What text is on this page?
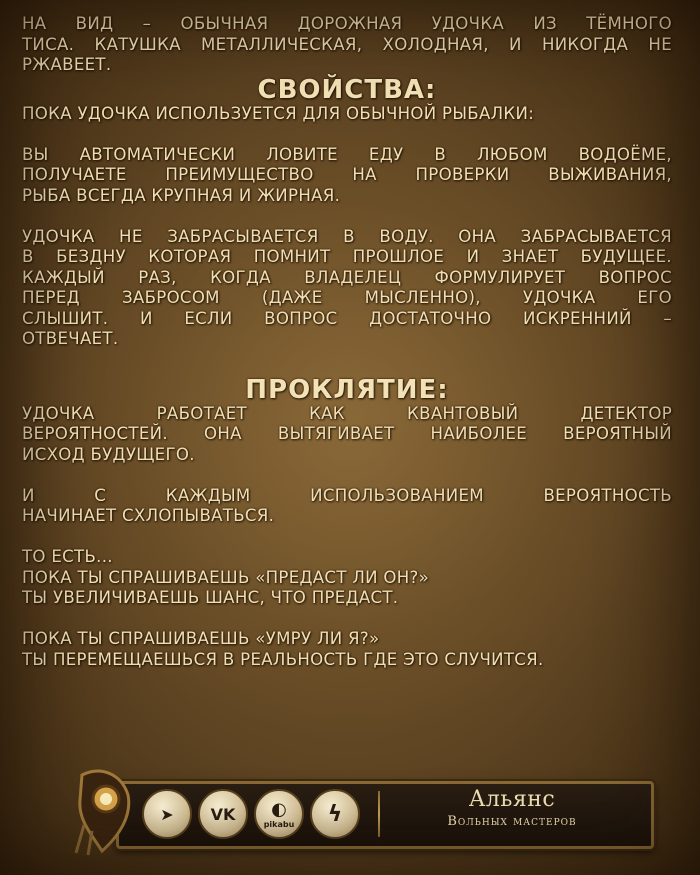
НА ВИД – ОБЫЧНАЯ ДОРОЖНАЯ УДОЧКА ИЗ ТЁМНОГО

ТИСА. КАТУШКА МЕТАЛЛИЧЕСКАЯ, ХОЛОДНАЯ, И НИКОГДА НЕ

РЖАВЕЕТ.

СВОЙСТВА:

ПОКА УДОЧКА ИСПОЛЬЗУЕТСЯ ДЛЯ ОБЫЧНОЙ РЫБАЛКИ:

ВЫ АВТОМАТИЧЕСКИ ЛОВИТЕ ЕДУ В ЛЮБОМ ВОДОЁМЕ,

ПОЛУЧАЕТЕ ПРЕИМУЩЕСТВО НА ПРОВЕРКИ ВЫЖИВАНИЯ,

РЫБА ВСЕГДА КРУПНАЯ И ЖИРНАЯ.

УДОЧКА НЕ ЗАБРАСЫВАЕТСЯ В ВОДУ. ОНА ЗАБРАСЫВАЕТСЯ

В БЕЗДНУ КОТОРАЯ ПОМНИТ ПРОШЛОЕ И ЗНАЕТ БУДУЩЕЕ.

КАЖДЫЙ РАЗ, КОГДА ВЛАДЕЛЕЦ ФОРМУЛИРУЕТ ВОПРОС

ПЕРЕД ЗАБРОСОМ (ДАЖЕ МЫСЛЕННО), УДОЧКА ЕГО

СЛЫШИТ. И ЕСЛИ ВОПРОС ДОСТАТОЧНО ИСКРЕННИЙ –

ОТВЕЧАЕТ.

ПРОКЛЯТИЕ:

УДОЧКА РАБОТАЕТ КАК КВАНТОВЫЙ ДЕТЕКТОР

ВЕРОЯТНОСТЕЙ. ОНА ВЫТЯГИВАЕТ НАИБОЛЕЕ ВЕРОЯТНЫЙ

ИСХОД БУДУЩЕГО.

И С КАЖДЫМ ИСПОЛЬЗОВАНИЕМ ВЕРОЯТНОСТЬ

НАЧИНАЕТ СХЛОПЫВАТЬСЯ.

ТО ЕСТЬ...

ПОКА ТЫ СПРАШИВАЕШЬ «ПРЕДАСТ ЛИ ОН?»

ТЫ УВЕЛИЧИВАЕШЬ ШАНС, ЧТО ПРЕДАСТ.

ПОКА ТЫ СПРАШИВАЕШЬ «УМРУ ЛИ Я?»

ТЫ ПЕРЕМЕЩАЕШЬСЯ В РЕАЛЬНОСТЬ ГДЕ ЭТО СЛУЧИТСЯ.

➤ VK ◐
pikabu ϟ
Альянс
Вольных мастеров
